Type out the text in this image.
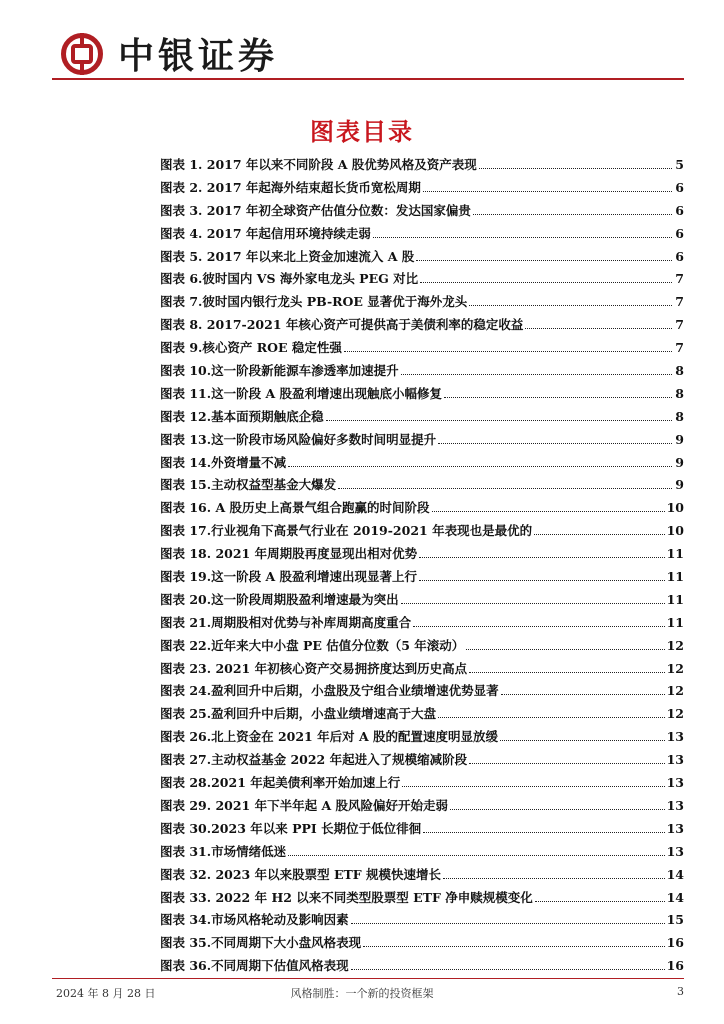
中银证券
图表目录
图表 1. 2017 年以来不同阶段 A 股优势风格及资产表现	5
图表 2. 2017 年起海外结束超长货币宽松周期	6
图表 3. 2017 年初全球资产估值分位数：发达国家偏贵	6
图表 4. 2017 年起信用环境持续走弱	6
图表 5. 2017 年以来北上资金加速流入 A 股	6
图表 6.彼时国内 VS 海外家电龙头 PEG 对比	7
图表 7.彼时国内银行龙头 PB-ROE 显著优于海外龙头	7
图表 8. 2017-2021 年核心资产可提供高于美债利率的稳定收益	7
图表 9.核心资产 ROE 稳定性强	7
图表 10.这一阶段新能源车渗透率加速提升	8
图表 11.这一阶段 A 股盈利增速出现触底小幅修复	8
图表 12.基本面预期触底企稳	8
图表 13.这一阶段市场风险偏好多数时间明显提升	9
图表 14.外资增量不减	9
图表 15.主动权益型基金大爆发	9
图表 16. A 股历史上高景气组合跑赢的时间阶段	10
图表 17.行业视角下高景气行业在 2019-2021 年表现也是最优的	10
图表 18. 2021 年周期股再度显现出相对优势	11
图表 19.这一阶段 A 股盈利增速出现显著上行	11
图表 20.这一阶段周期股盈利增速最为突出	11
图表 21.周期股相对优势与补库周期高度重合	11
图表 22.近年来大中小盘 PE 估值分位数（5 年滚动）	12
图表 23. 2021 年初核心资产交易拥挤度达到历史高点	12
图表 24.盈利回升中后期，小盘股及宁组合业绩增速优势显著	12
图表 25.盈利回升中后期，小盘业绩增速高于大盘	12
图表 26.北上资金在 2021 年后对 A 股的配置速度明显放缓	13
图表 27.主动权益基金 2022 年起进入了规模缩减阶段	13
图表 28.2021 年起美债利率开始加速上行	13
图表 29. 2021 年下半年起 A 股风险偏好开始走弱	13
图表 30.2023 年以来 PPI 长期位于低位徘徊	13
图表 31.市场情绪低迷	13
图表 32. 2023 年以来股票型 ETF 规模快速增长	14
图表 33. 2022 年 H2 以来不同类型股票型 ETF 净申赎规模变化	14
图表 34.市场风格轮动及影响因素	15
图表 35.不同周期下大小盘风格表现	16
图表 36.不同周期下估值风格表现	16
2024 年 8 月 28 日	风格制胜：一个新的投资框架	3
